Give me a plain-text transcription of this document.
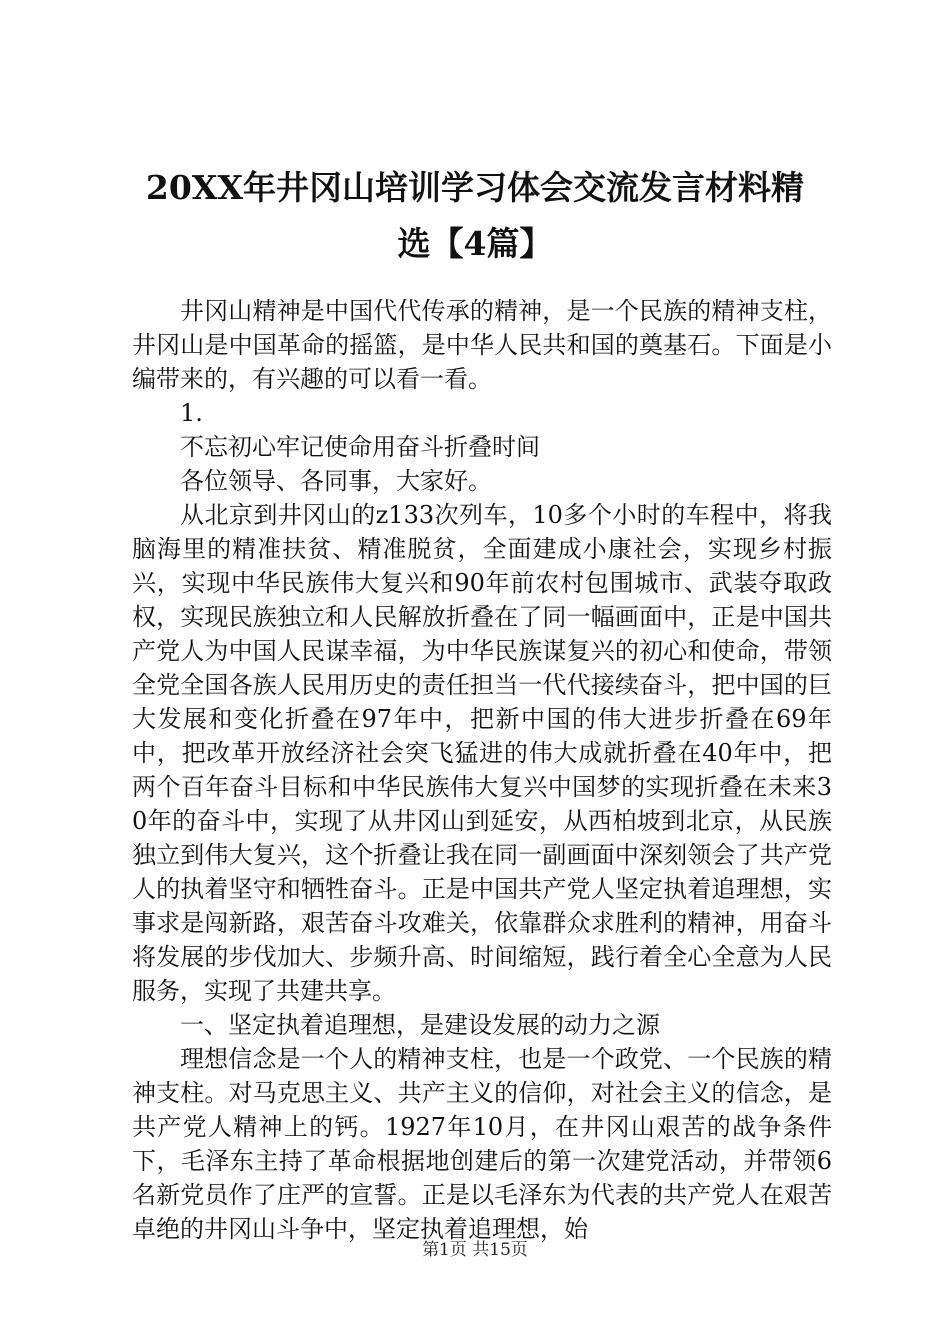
20XX年井冈山培训学习体会交流发言材料精
选【4篇】

井冈山精神是中国代代传承的精神，是一个民族的精神支柱，井冈山是中国革命的摇篮，是中华人民共和国的奠基石。下面是小编带来的，有兴趣的可以看一看。

1.

不忘初心牢记使命用奋斗折叠时间

各位领导、各同事，大家好。

从北京到井冈山的z133次列车，10多个小时的车程中，将我脑海里的精准扶贫、精准脱贫，全面建成小康社会，实现乡村振兴，实现中华民族伟大复兴和90年前农村包围城市、武装夺取政权，实现民族独立和人民解放折叠在了同一幅画面中，正是中国共产党人为中国人民谋幸福，为中华民族谋复兴的初心和使命，带领全党全国各族人民用历史的责任担当一代代接续奋斗，把中国的巨大发展和变化折叠在97年中，把新中国的伟大进步折叠在69年中，把改革开放经济社会突飞猛进的伟大成就折叠在40年中，把两个百年奋斗目标和中华民族伟大复兴中国梦的实现折叠在未来30年的奋斗中，实现了从井冈山到延安，从西柏坡到北京，从民族独立到伟大复兴，这个折叠让我在同一副画面中深刻领会了共产党人的执着坚守和牺牲奋斗。正是中国共产党人坚定执着追理想，实事求是闯新路，艰苦奋斗攻难关，依靠群众求胜利的精神，用奋斗将发展的步伐加大、步频升高、时间缩短，践行着全心全意为人民服务，实现了共建共享。

一、坚定执着追理想，是建设发展的动力之源

理想信念是一个人的精神支柱，也是一个政党、一个民族的精神支柱。对马克思主义、共产主义的信仰，对社会主义的信念，是共产党人精神上的钙。1927年10月，在井冈山艰苦的战争条件下，毛泽东主持了革命根据地创建后的第一次建党活动，并带领6名新党员作了庄严的宣誓。正是以毛泽东为代表的共产党人在艰苦卓绝的井冈山斗争中，坚定执着追理想，始

第1页 共15页
